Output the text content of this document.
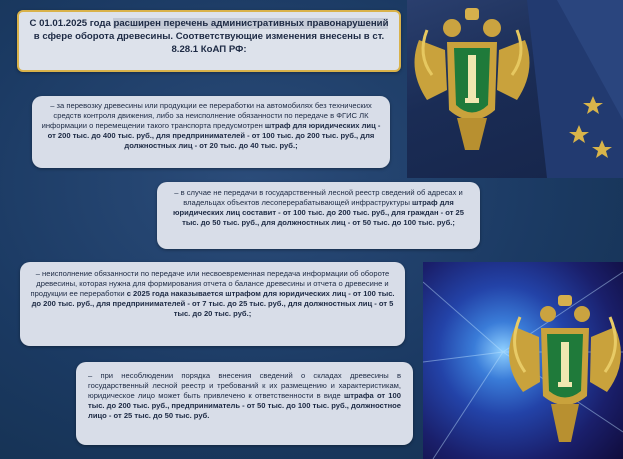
С 01.01.2025 года расширен перечень административных правонарушений в сфере оборота древесины. Соответствующие изменения внесены в ст. 8.28.1 КоАП РФ:
– за перевозку древесины или продукции ее переработки на автомобилях без технических средств контроля движения, либо за неисполнение обязанности по передаче в ФГИС ЛК информации о перемещении такого транспорта предусмотрен штраф для юридических лиц - от 200 тыс. до 400 тыс. руб., для предпринимателей - от 100 тыс. до 200 тыс. руб., для должностных лиц - от 20 тыс. до 40 тыс. руб.;
– в случае не передачи в государственный лесной реестр сведений об адресах и владельцах объектов лесоперерабатывающей инфраструктуры штраф для юридических лиц составит - от 100 тыс. до 200 тыс. руб., для граждан - от 25 тыс. до 50 тыс. руб., для должностных лиц - от 50 тыс. до 100 тыс. руб.;
– неисполнение обязанности по передаче или несвоевременная передача информации об обороте древесины, которая нужна для формирования отчета о балансе древесины и отчета о древесине и продукции ее переработки с 2025 года наказывается штрафом для юридических лиц - от 100 тыс. до 200 тыс. руб., для предпринимателей - от 7 тыс. до 25 тыс. руб., для должностных лиц - от 5 тыс. до 20 тыс. руб.;
– при несоблюдении порядка внесения сведений о складах древесины в государственный лесной реестр и требований к их размещению и характеристикам, юридическое лицо может быть привлечено к ответственности в виде штрафа от 100 тыс. до 200 тыс. руб., предприниматель - от 50 тыс. до 100 тыс. руб., должностное лицо - от 25 тыс. до 50 тыс. руб.
